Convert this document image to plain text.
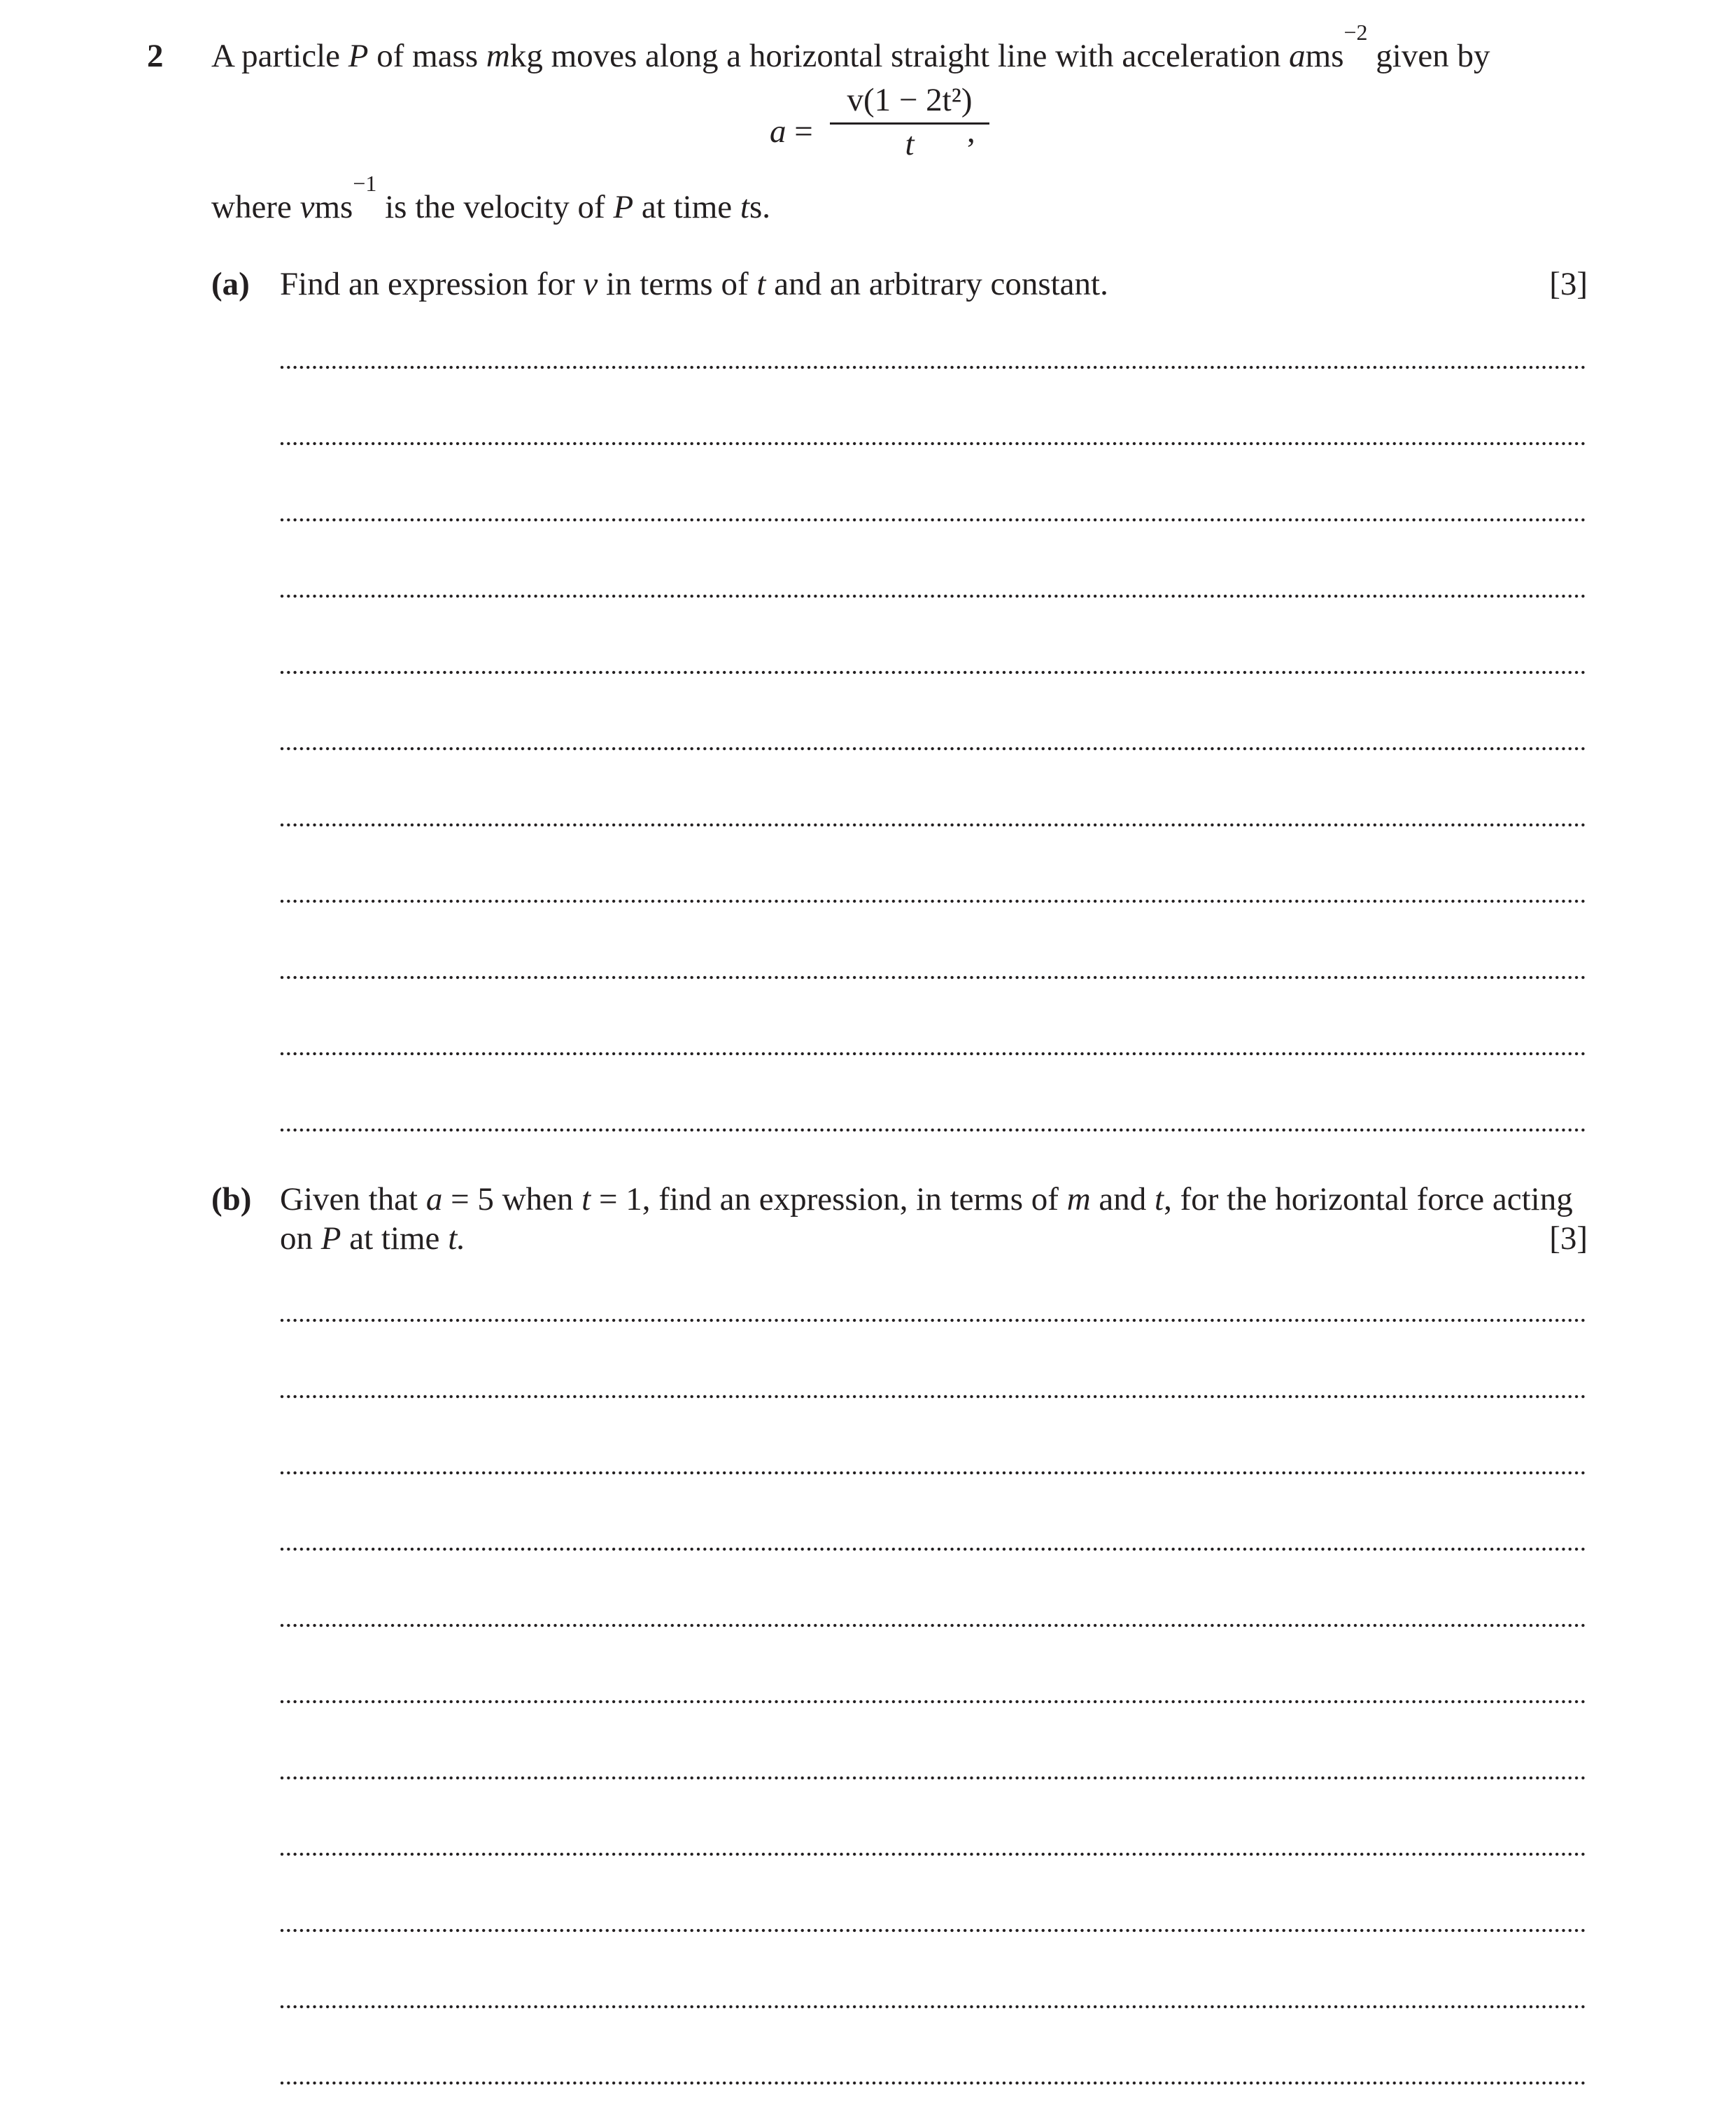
2 A particle P of mass mkg moves along a horizontal straight line with acceleration ams$^{-2}$ given by
a =
v(1 − 2t²)
t	,
where vms$^{-1}$ is the velocity of P at time ts.
(a) Find an expression for v in terms of t and an arbitrary constant.	[3]
(b) Given that a = 5 when t = 1, find an expression, in terms of m and t, for the horizontal force acting
on P at time t.	[3]
